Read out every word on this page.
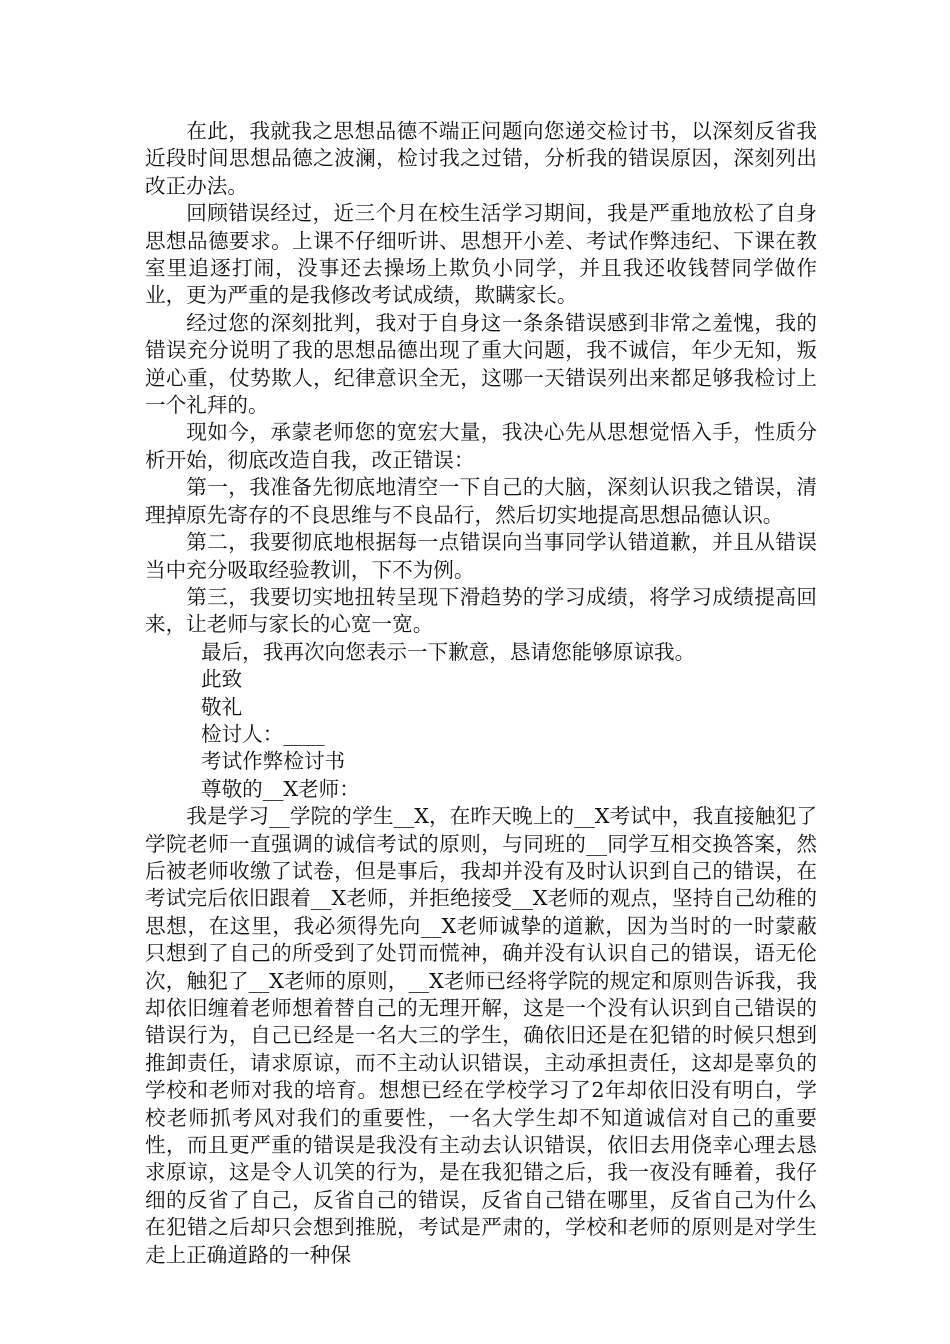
在此，我就我之思想品德不端正问题向您递交检讨书，以深刻反省我近段时间思想品德之波澜，检讨我之过错，分析我的错误原因，深刻列出改正办法。

回顾错误经过，近三个月在校生活学习期间，我是严重地放松了自身思想品德要求。上课不仔细听讲、思想开小差、考试作弊违纪、下课在教室里追逐打闹，没事还去操场上欺负小同学，并且我还收钱替同学做作业，更为严重的是我修改考试成绩，欺瞒家长。

经过您的深刻批判，我对于自身这一条条错误感到非常之羞愧，我的错误充分说明了我的思想品德出现了重大问题，我不诚信，年少无知，叛逆心重，仗势欺人，纪律意识全无，这哪一天错误列出来都足够我检讨上一个礼拜的。

现如今，承蒙老师您的宽宏大量，我决心先从思想觉悟入手，性质分析开始，彻底改造自我，改正错误：

第一，我准备先彻底地清空一下自己的大脑，深刻认识我之错误，清理掉原先寄存的不良思维与不良品行，然后切实地提高思想品德认识。

第二，我要彻底地根据每一点错误向当事同学认错道歉，并且从错误当中充分吸取经验教训，下不为例。

第三，我要切实地扭转呈现下滑趋势的学习成绩，将学习成绩提高回来，让老师与家长的心宽一宽。

最后，我再次向您表示一下歉意，恳请您能够原谅我。

此致

敬礼

检讨人：____

考试作弊检讨书

尊敬的__X老师：

我是学习__学院的学生__X，在昨天晚上的__X考试中，我直接触犯了学院老师一直强调的诚信考试的原则，与同班的__同学互相交换答案，然后被老师收缴了试卷，但是事后，我却并没有及时认识到自己的错误，在考试完后依旧跟着__X老师，并拒绝接受__X老师的观点，坚持自己幼稚的思想，在这里，我必须得先向__X老师诚挚的道歉，因为当时的一时蒙蔽只想到了自己的所受到了处罚而慌神，确并没有认识自己的错误，语无伦次，触犯了__X老师的原则，__X老师已经将学院的规定和原则告诉我，我却依旧缠着老师想着替自己的无理开解，这是一个没有认识到自己错误的错误行为，自己已经是一名大三的学生，确依旧还是在犯错的时候只想到推卸责任，请求原谅，而不主动认识错误，主动承担责任，这却是辜负的学校和老师对我的培育。想想已经在学校学习了2年却依旧没有明白，学校老师抓考风对我们的重要性，一名大学生却不知道诚信对自己的重要性，而且更严重的错误是我没有主动去认识错误，依旧去用侥幸心理去恳求原谅，这是令人讥笑的行为，是在我犯错之后，我一夜没有睡着，我仔细的反省了自己，反省自己的错误，反省自己错在哪里，反省自己为什么在犯错之后却只会想到推脱，考试是严肃的，学校和老师的原则是对学生走上正确道路的一种保
